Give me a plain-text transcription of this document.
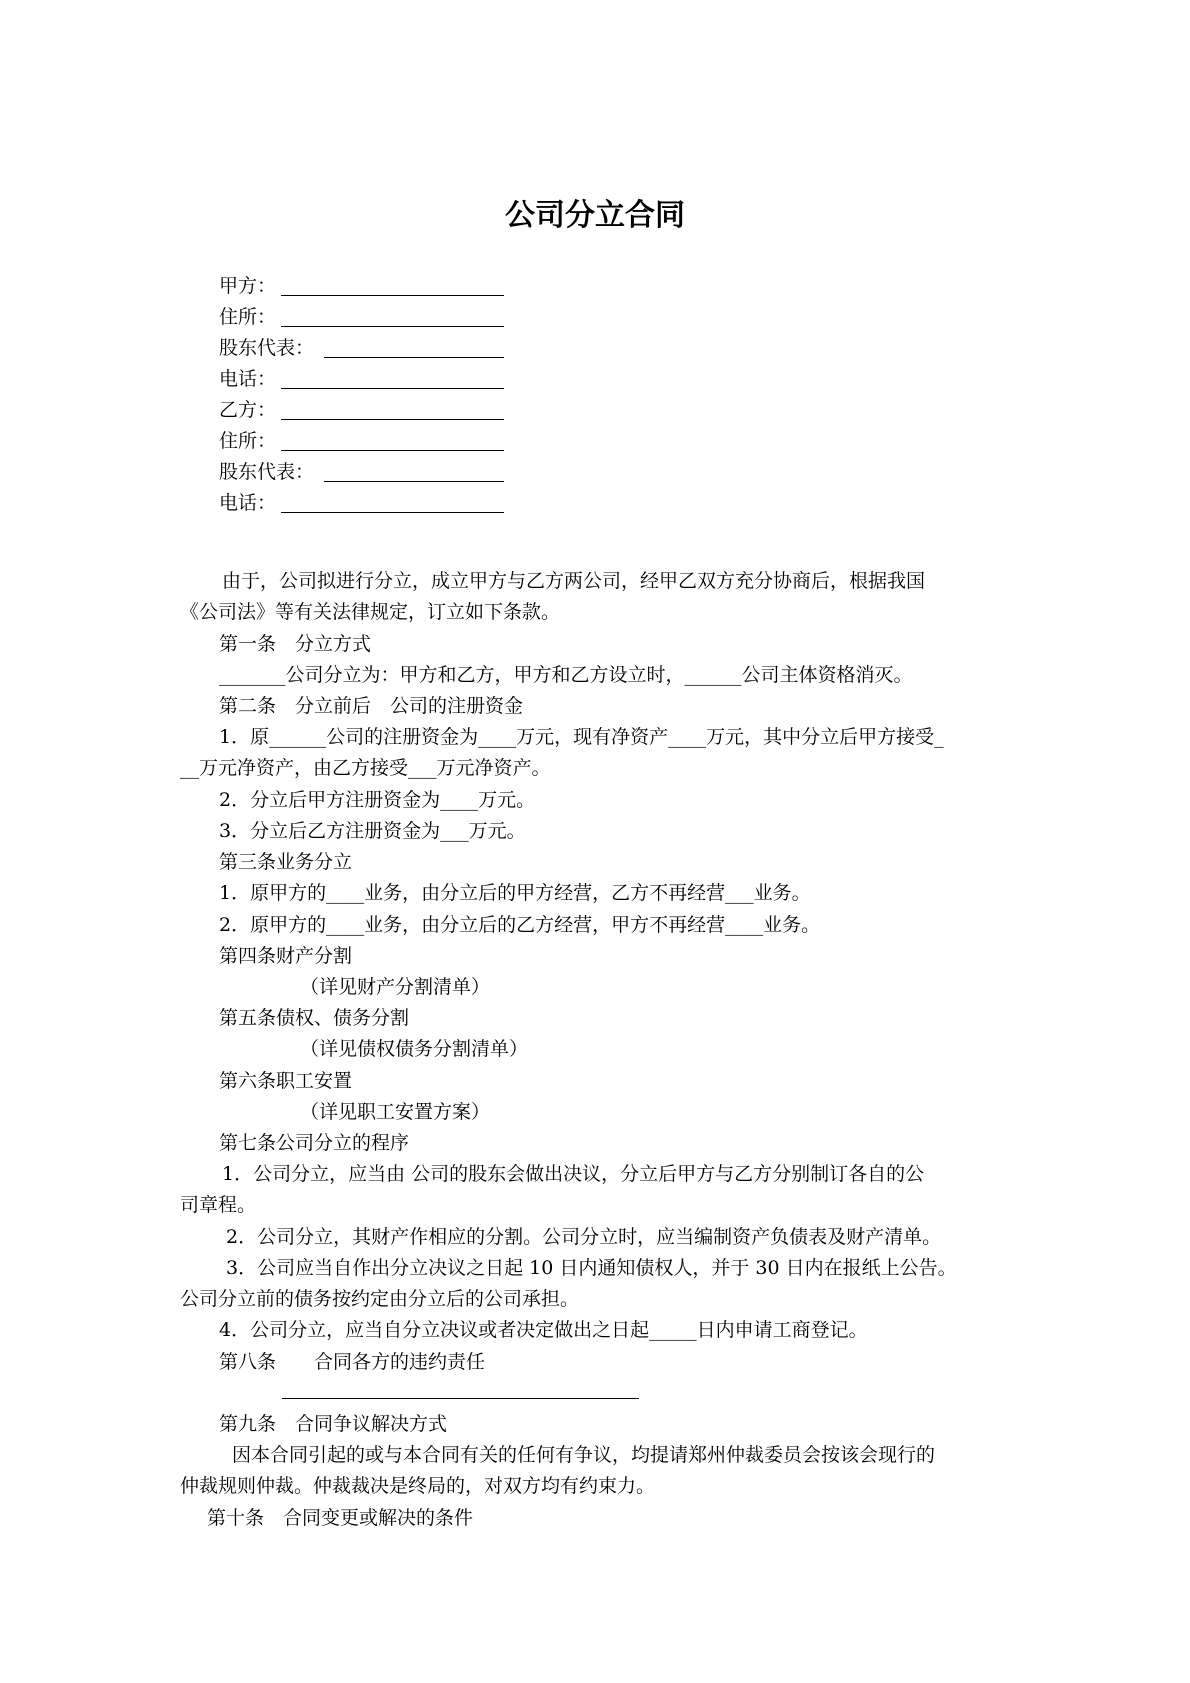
公司分立合同
甲方：
住所：
股东代表：
电话：
乙方：
住所：
股东代表：
电话：
由于，公司拟进行分立，成立甲方与乙方两公司，经甲乙双方充分协商后，根据我国
《公司法》等有关法律规定，订立如下条款。
第一条　分立方式
_______公司分立为：甲方和乙方，甲方和乙方设立时，______公司主体资格消灭。
第二条　分立前后　公司的注册资金
1．原______公司的注册资金为____万元，现有净资产____万元，其中分立后甲方接受_
__万元净资产，由乙方接受___万元净资产。
2．分立后甲方注册资金为____万元。
3．分立后乙方注册资金为___万元。
第三条业务分立
1．原甲方的____业务，由分立后的甲方经营，乙方不再经营___业务。
2．原甲方的____业务，由分立后的乙方经营，甲方不再经营____业务。
第四条财产分割
（详见财产分割清单）
第五条债权、债务分割
（详见债权债务分割清单）
第六条职工安置
（详见职工安置方案）
第七条公司分立的程序
1．公司分立，应当由 公司的股东会做出决议，分立后甲方与乙方分别制订各自的公
司章程。
2．公司分立，其财产作相应的分割。公司分立时，应当编制资产负债表及财产清单。
3．公司应当自作出分立决议之日起 10 日内通知债权人，并于 30 日内在报纸上公告。
公司分立前的债务按约定由分立后的公司承担。
4．公司分立，应当自分立决议或者决定做出之日起_____日内申请工商登记。
第八条　　合同各方的违约责任
第九条　合同争议解决方式
因本合同引起的或与本合同有关的任何有争议，均提请郑州仲裁委员会按该会现行的
仲裁规则仲裁。仲裁裁决是终局的，对双方均有约束力。
第十条　合同变更或解决的条件
